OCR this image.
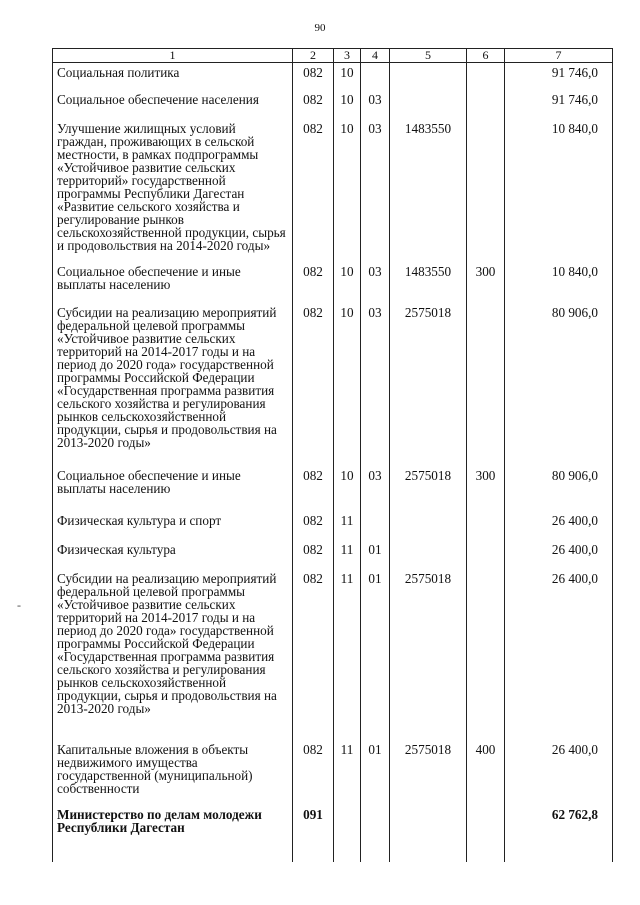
90
-
1	2	3	4	5	6	7
Социальная политика	082	10				91 746,0
Социальное обеспечение населения	082	10	03			91 746,0
Улучшение жилищных условий граждан, проживающих в сельской местности, в рамках подпрограммы «Устойчивое развитие сельских территорий» государственной программы Республики Дагестан «Развитие сельского хозяйства и регулирование рынков сельскохозяйственной продукции, сырья и продовольствия на 2014-2020 годы»	082	10	03	1483550		10 840,0
Социальное обеспечение и иные выплаты населению	082	10	03	1483550	300	10 840,0
Субсидии на реализацию мероприятий федеральной целевой программы «Устойчивое развитие сельских территорий на 2014-2017 годы и на период до 2020 года» государственной программы Российской Федерации «Государственная программа развития сельского хозяйства и регулирования рынков сельскохозяйственной продукции, сырья и продовольствия на 2013-2020 годы»	082	10	03	2575018		80 906,0
Социальное обеспечение и иные выплаты населению	082	10	03	2575018	300	80 906,0
Физическая культура и спорт	082	11				26 400,0
Физическая культура	082	11	01			26 400,0
Субсидии на реализацию мероприятий федеральной целевой программы «Устойчивое развитие сельских территорий на 2014-2017 годы и на период до 2020 года» государственной программы Российской Федерации «Государственная программа развития сельского хозяйства и регулирования рынков сельскохозяйственной продукции, сырья и продовольствия на 2013-2020 годы»	082	11	01	2575018		26 400,0
Капитальные вложения в объекты недвижимого имущества государственной (муниципальной) собственности	082	11	01	2575018	400	26 400,0
Министерство по делам молодежи Республики Дагестан	091					62 762,8
